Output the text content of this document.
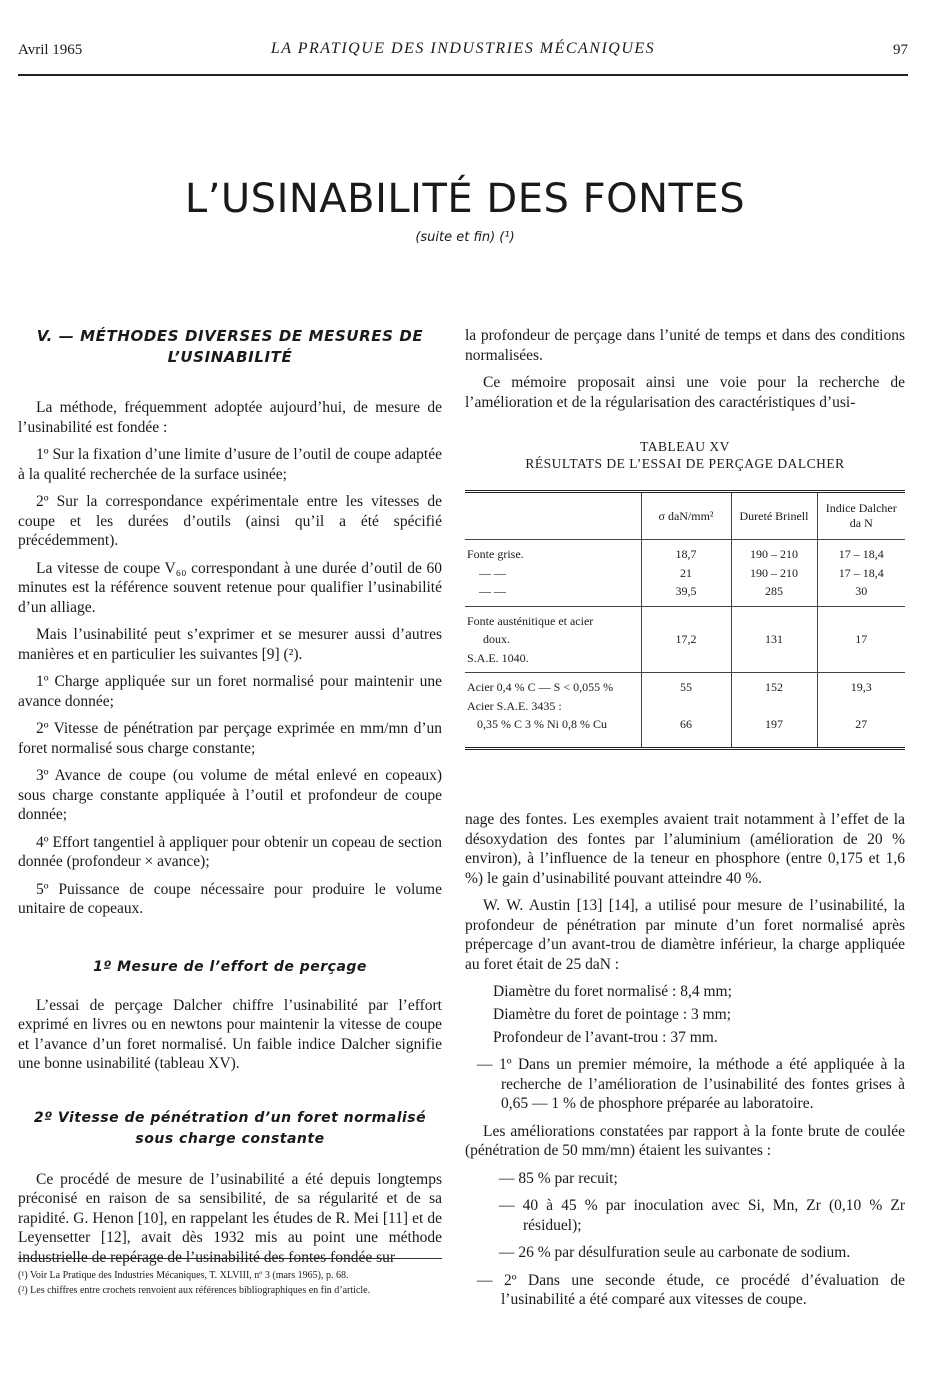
Avril 1965	LA PRATIQUE DES INDUSTRIES MÉCANIQUES	97
L’USINABILITÉ DES FONTES
(suite et fin) (¹)
V. — MÉTHODES DIVERSES DE MESURES DE L’USINABILITÉ

La méthode, fréquemment adoptée aujourd’hui, de mesure de l’usinabilité est fondée :

1º Sur la fixation d’une limite d’usure de l’outil de coupe adaptée à la qualité recherchée de la surface usinée;

2º Sur la correspondance expérimentale entre les vitesses de coupe et les durées d’outils (ainsi qu’il a été spécifié précédemment).

La vitesse de coupe V₆₀ correspondant à une durée d’outil de 60 minutes est la référence souvent retenue pour qualifier l’usinabilité d’un alliage.

Mais l’usinabilité peut s’exprimer et se mesurer aussi d’autres manières et en particulier les suivantes [9] (²).

1º Charge appliquée sur un foret normalisé pour maintenir une avance donnée;

2º Vitesse de pénétration par perçage exprimée en mm/mn d’un foret normalisé sous charge constante;

3º Avance de coupe (ou volume de métal enlevé en copeaux) sous charge constante appliquée à l’outil et profondeur de coupe donnée;

4º Effort tangentiel à appliquer pour obtenir un copeau de section donnée (profondeur × avance);

5º Puissance de coupe nécessaire pour produire le volume unitaire de copeaux.

1º Mesure de l’effort de perçage

L’essai de perçage Dalcher chiffre l’usinabilité par l’effort exprimé en livres ou en newtons pour maintenir la vitesse de coupe et l’avance d’un foret normalisé. Un faible indice Dalcher signifie une bonne usinabilité (tableau XV).

2º Vitesse de pénétration d’un foret normalisé sous charge constante

Ce procédé de mesure de l’usinabilité a été depuis longtemps préconisé en raison de sa sensibilité, de sa régularité et de sa rapidité. G. Henon [10], en rappelant les études de R. Mei [11] et de Leyensetter [12], avait dès 1932 mis au point une méthode industrielle de repérage de l’usinabilité des fontes fondée sur

la profondeur de perçage dans l’unité de temps et dans des conditions normalisées.

Ce mémoire proposait ainsi une voie pour la recherche de l’amélioration et de la régularisation des caractéristiques d’usi-

TABLEAU XV
RÉSULTATS DE L’ESSAI DE PERÇAGE DALCHER
	σ daN/mm²	Dureté Brinell	Indice Dalcher da N
Fonte grise.	18,7	190 – 210	17 – 18,4
— —	21	190 – 210	17 – 18,4
— —	39,5	285	30
Fonte austénitique et acier			
doux.	17,2	131	17
S.A.E. 1040.			
Acier 0,4 % C — S < 0,055 %	55	152	19,3
Acier S.A.E. 3435 :			
0,35 % C 3 % Ni 0,8 % Cu	66	197	27

nage des fontes. Les exemples avaient trait notamment à l’effet de la désoxydation des fontes par l’aluminium (amélioration de 20 % environ), à l’influence de la teneur en phosphore (entre 0,175 et 1,6 %) le gain d’usinabilité pouvant atteindre 40 %.

W. W. Austin [13] [14], a utilisé pour mesure de l’usinabilité, la profondeur de pénétration par minute d’un foret normalisé après prépercage d’un avant-trou de diamètre inférieur, la charge appliquée au foret était de 25 daN :

Diamètre du foret normalisé : 8,4 mm;
Diamètre du foret de pointage : 3 mm;
Profondeur de l’avant-trou : 37 mm.

— 1º Dans un premier mémoire, la méthode a été appliquée à la recherche de l’amélioration de l’usinabilité des fontes grises à 0,65 — 1 % de phosphore préparée au laboratoire.

Les améliorations constatées par rapport à la fonte brute de coulée (pénétration de 50 mm/mn) étaient les suivantes :

— 85 % par recuit;

— 40 à 45 % par inoculation avec Si, Mn, Zr (0,10 % Zr résiduel);

— 26 % par désulfuration seule au carbonate de sodium.

— 2º Dans une seconde étude, ce procédé d’évaluation de l’usinabilité a été comparé aux vitesses de coupe.

(¹) Voir La Pratique des Industries Mécaniques, T. XLVIII, nº 3 (mars 1965), p. 68.

(²) Les chiffres entre crochets renvoient aux références bibliographiques en fin d’article.
